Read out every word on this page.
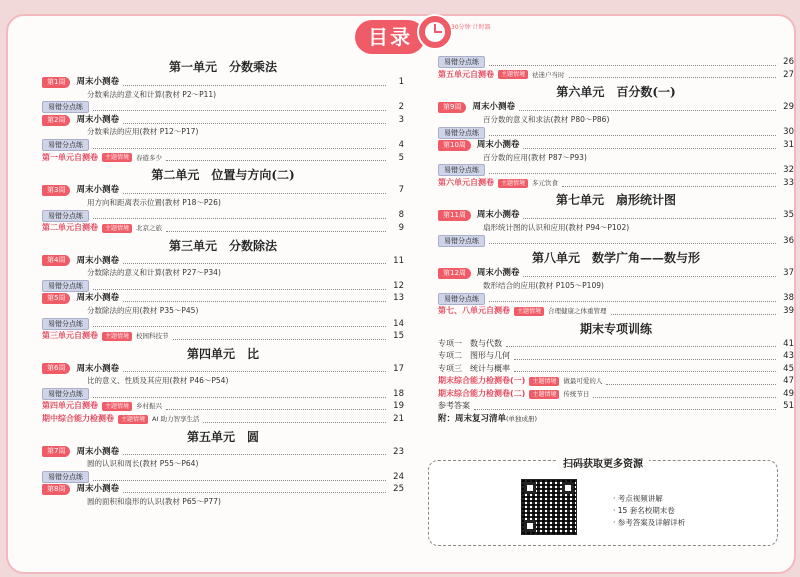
目录	30分钟 计时器
第一单元　分数乘法
第1周	周末小测卷	1
分数乘法的意义和计算(教材 P2～P11)
易错分点练	2
第2周	周末小测卷	3
分数乘法的应用(教材 P12～P17)
易错分点练	4
第一单元自测卷	主题情境	春遊多少	5
第二单元　位置与方向(二)
第3周	周末小测卷	7
用方向和距离表示位置(教材 P18～P26)
易错分点练	8
第二单元自测卷	主题情境	北京之旅	9
第三单元　分数除法
第4周	周末小测卷	11
分数除法的意义和计算(教材 P27～P34)
易错分点练	12
第5周	周末小测卷	13
分数除法的应用(教材 P35～P45)
易错分点练	14
第三单元自测卷	主题情境	校园科技节	15
第四单元　比
第6周	周末小测卷	17
比的意义、性质及其应用(教材 P46～P54)
易错分点练	18
第四单元自测卷	主题情境	乡村振兴	19
期中综合能力检测卷	主题情境	AI 助力智享生活	21
第五单元　圆
第7周	周末小测卷	23
圆的认识和周长(教材 P55～P64)
易错分点练	24
第8周	周末小测卷	25
圆的面积和扇形的认识(教材 P65～P77)
易错分点练	26
第五单元自测卷	主题情境	祛迷户当时	27
第六单元　百分数(一)
第9周	周末小测卷	29
百分数的意义和求法(教材 P80～P86)
易错分点练	30
第10周	周末小测卷	31
百分数的应用(教材 P87～P93)
易错分点练	32
第六单元自测卷	主题情境	多元饮食	33
第七单元　扇形统计图
第11周	周末小测卷	35
扇形统计图的认识和应用(教材 P94～P102)
易错分点练	36
第八单元　数学广角——数与形
第12周	周末小测卷	37
数形结合的应用(教材 P105～P109)
易错分点练	38
第七、八单元自测卷	主题情境	合理健康之体重管理	39
期末专项训练
专项一　数与代数	41
专项二　图形与几何	43
专项三　统计与概率	45
期末综合能力检测卷(一)	主题情境	做最可爱的人	47
期末综合能力检测卷(二)	主题情境	传统节日	49
参考答案	51
附：周末复习清单 (单独成册)
扫码获取更多资源
· 考点视频讲解
· 15 套名校期末卷
· 参考答案及详解详析
